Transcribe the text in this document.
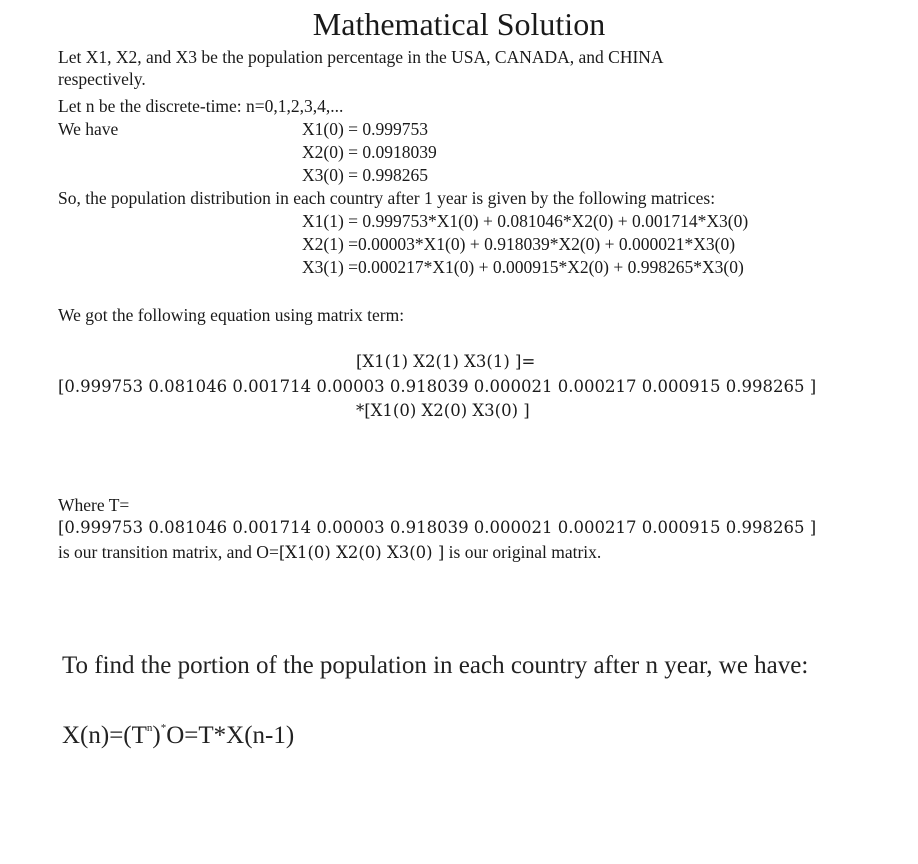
Mathematical Solution
Let X1, X2, and X3 be the population percentage in the USA, CANADA, and CHINA
respectively.
Let n be the discrete-time: n=0,1,2,3,4,...
We have	X1(0) = 0.999753
X2(0) = 0.0918039
X3(0) = 0.998265
So, the population distribution in each country after 1 year is given by the following matrices:
X1(1) = 0.999753*X1(0) + 0.081046*X2(0) + 0.001714*X3(0)
X2(1) =0.00003*X1(0) + 0.918039*X2(0) + 0.000021*X3(0)
X3(1) =0.000217*X1(0) + 0.000915*X2(0) + 0.998265*X3(0)
We got the following equation using matrix term:
[X1(1) X2(1) X3(1) ]=
[0.999753 0.081046 0.001714 0.00003 0.918039 0.000021 0.000217 0.000915 0.998265 ]
*[X1(0) X2(0) X3(0) ]
Where T=
[0.999753 0.081046 0.001714 0.00003 0.918039 0.000021 0.000217 0.000915 0.998265 ]
is our transition matrix, and O=[X1(0) X2(0) X3(0) ] is our original matrix.
To find the portion of the population in each country after n year, we have:
$X(n)=(T^n)^*O=T*X(n-1)$
